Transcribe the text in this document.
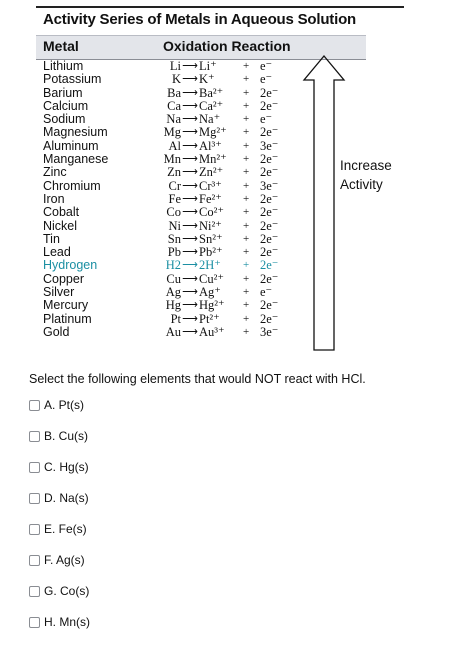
Activity Series of Metals in Aqueous Solution
Metal	Oxidation Reaction
Lithium
Potassium
Barium
Calcium
Sodium
Magnesium
Aluminum
Manganese
Zinc
Chromium
Iron
Cobalt
Nickel
Tin
Lead
Hydrogen
Copper
Silver
Mercury
Platinum
Gold
Li ⟶ Li⁺ + e⁻
K ⟶ K⁺	+ e⁻
Ba ⟶ Ba²⁺ + 2e⁻
Ca ⟶ Ca²⁺ + 2e⁻
Na ⟶ Na⁺ + e⁻
Mg ⟶ Mg²⁺ + 2e⁻
Al ⟶ Al³⁺ + 3e⁻
Mn ⟶ Mn²⁺ + 2e⁻
Zn ⟶ Zn²⁺ + 2e⁻
Cr ⟶ Cr³⁺ + 3e⁻
Fe ⟶ Fe²⁺ + 2e⁻
Co ⟶ Co²⁺ + 2e⁻
Ni ⟶ Ni²⁺ + 2e⁻
Sn ⟶ Sn²⁺ + 2e⁻
Pb ⟶ Pb²⁺ + 2e⁻
H2 ⟶ 2H⁺ + 2e⁻
Cu ⟶ Cu²⁺ + 2e⁻
Ag ⟶ Ag⁺ + e⁻
Hg ⟶ Hg²⁺ + 2e⁻
Pt ⟶ Pt²⁺ + 2e⁻
Au ⟶ Au³⁺ + 3e⁻
Increase
Activity
Select the following elements that would NOT react with HCl.
A. Pt(s)
B. Cu(s)
C. Hg(s)
D. Na(s)
E. Fe(s)
F. Ag(s)
G. Co(s)
H. Mn(s)
